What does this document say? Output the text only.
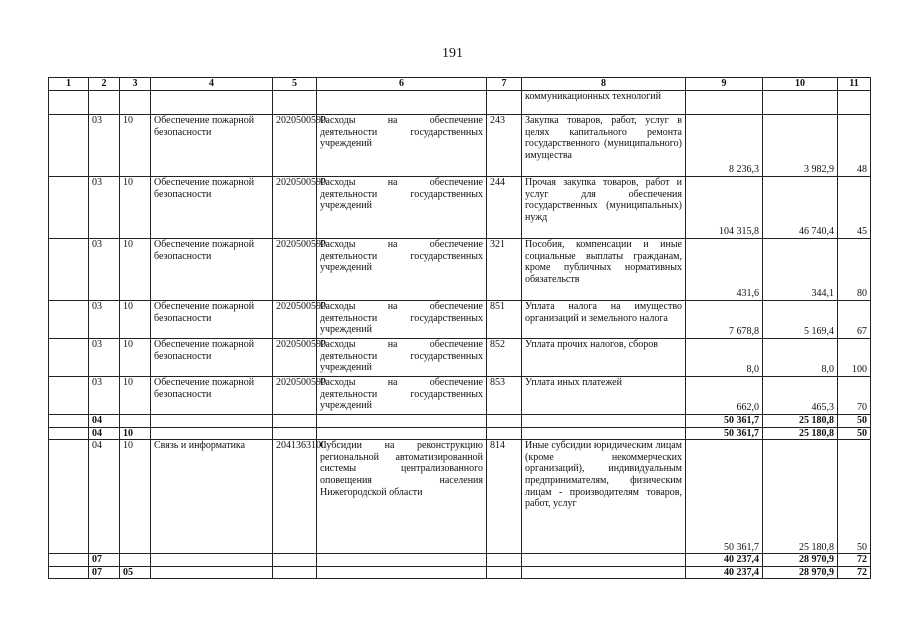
191
1	2	3	4	5	6	7	8	9	10	11
							коммуникационных технологий			
	03	10	Обеспечение пожарной безопасности	2020500590	Расходы на обеспечение деятельности государственных учреждений	243	Закупка товаров, работ, услуг в целях капитального ремонта государственного (муниципального) имущества	8 236,3	3 982,9	48
	03	10	Обеспечение пожарной безопасности	2020500590	Расходы на обеспечение деятельности государственных учреждений	244	Прочая закупка товаров, работ и услуг для обеспечения государственных (муниципальных) нужд	104 315,8	46 740,4	45
	03	10	Обеспечение пожарной безопасности	2020500590	Расходы на обеспечение деятельности государственных учреждений	321	Пособия, компенсации и иные социальные выплаты гражданам, кроме публичных нормативных обязательств	431,6	344,1	80
	03	10	Обеспечение пожарной безопасности	2020500590	Расходы на обеспечение деятельности государственных учреждений	851	Уплата налога на имущество организаций и земельного налога	7 678,8	5 169,4	67
	03	10	Обеспечение пожарной безопасности	2020500590	Расходы на обеспечение деятельности государственных учреждений	852	Уплата прочих налогов, сборов	8,0	8,0	100
	03	10	Обеспечение пожарной безопасности	2020500590	Расходы на обеспечение деятельности государственных учреждений	853	Уплата иных платежей	662,0	465,3	70
	04							50 361,7	25 180,8	50
	04	10						50 361,7	25 180,8	50
	04	10	Связь и информатика	2041363100	Субсидии на реконструкцию региональной автоматизированной системы централизованного оповещения населения Нижегородской области	814	Иные субсидии юридическим лицам (кроме некоммерческих организаций), индивидуальным предпринимателям, физическим лицам - производителям товаров, работ, услуг	50 361,7	25 180,8	50
	07							40 237,4	28 970,9	72
	07	05						40 237,4	28 970,9	72
